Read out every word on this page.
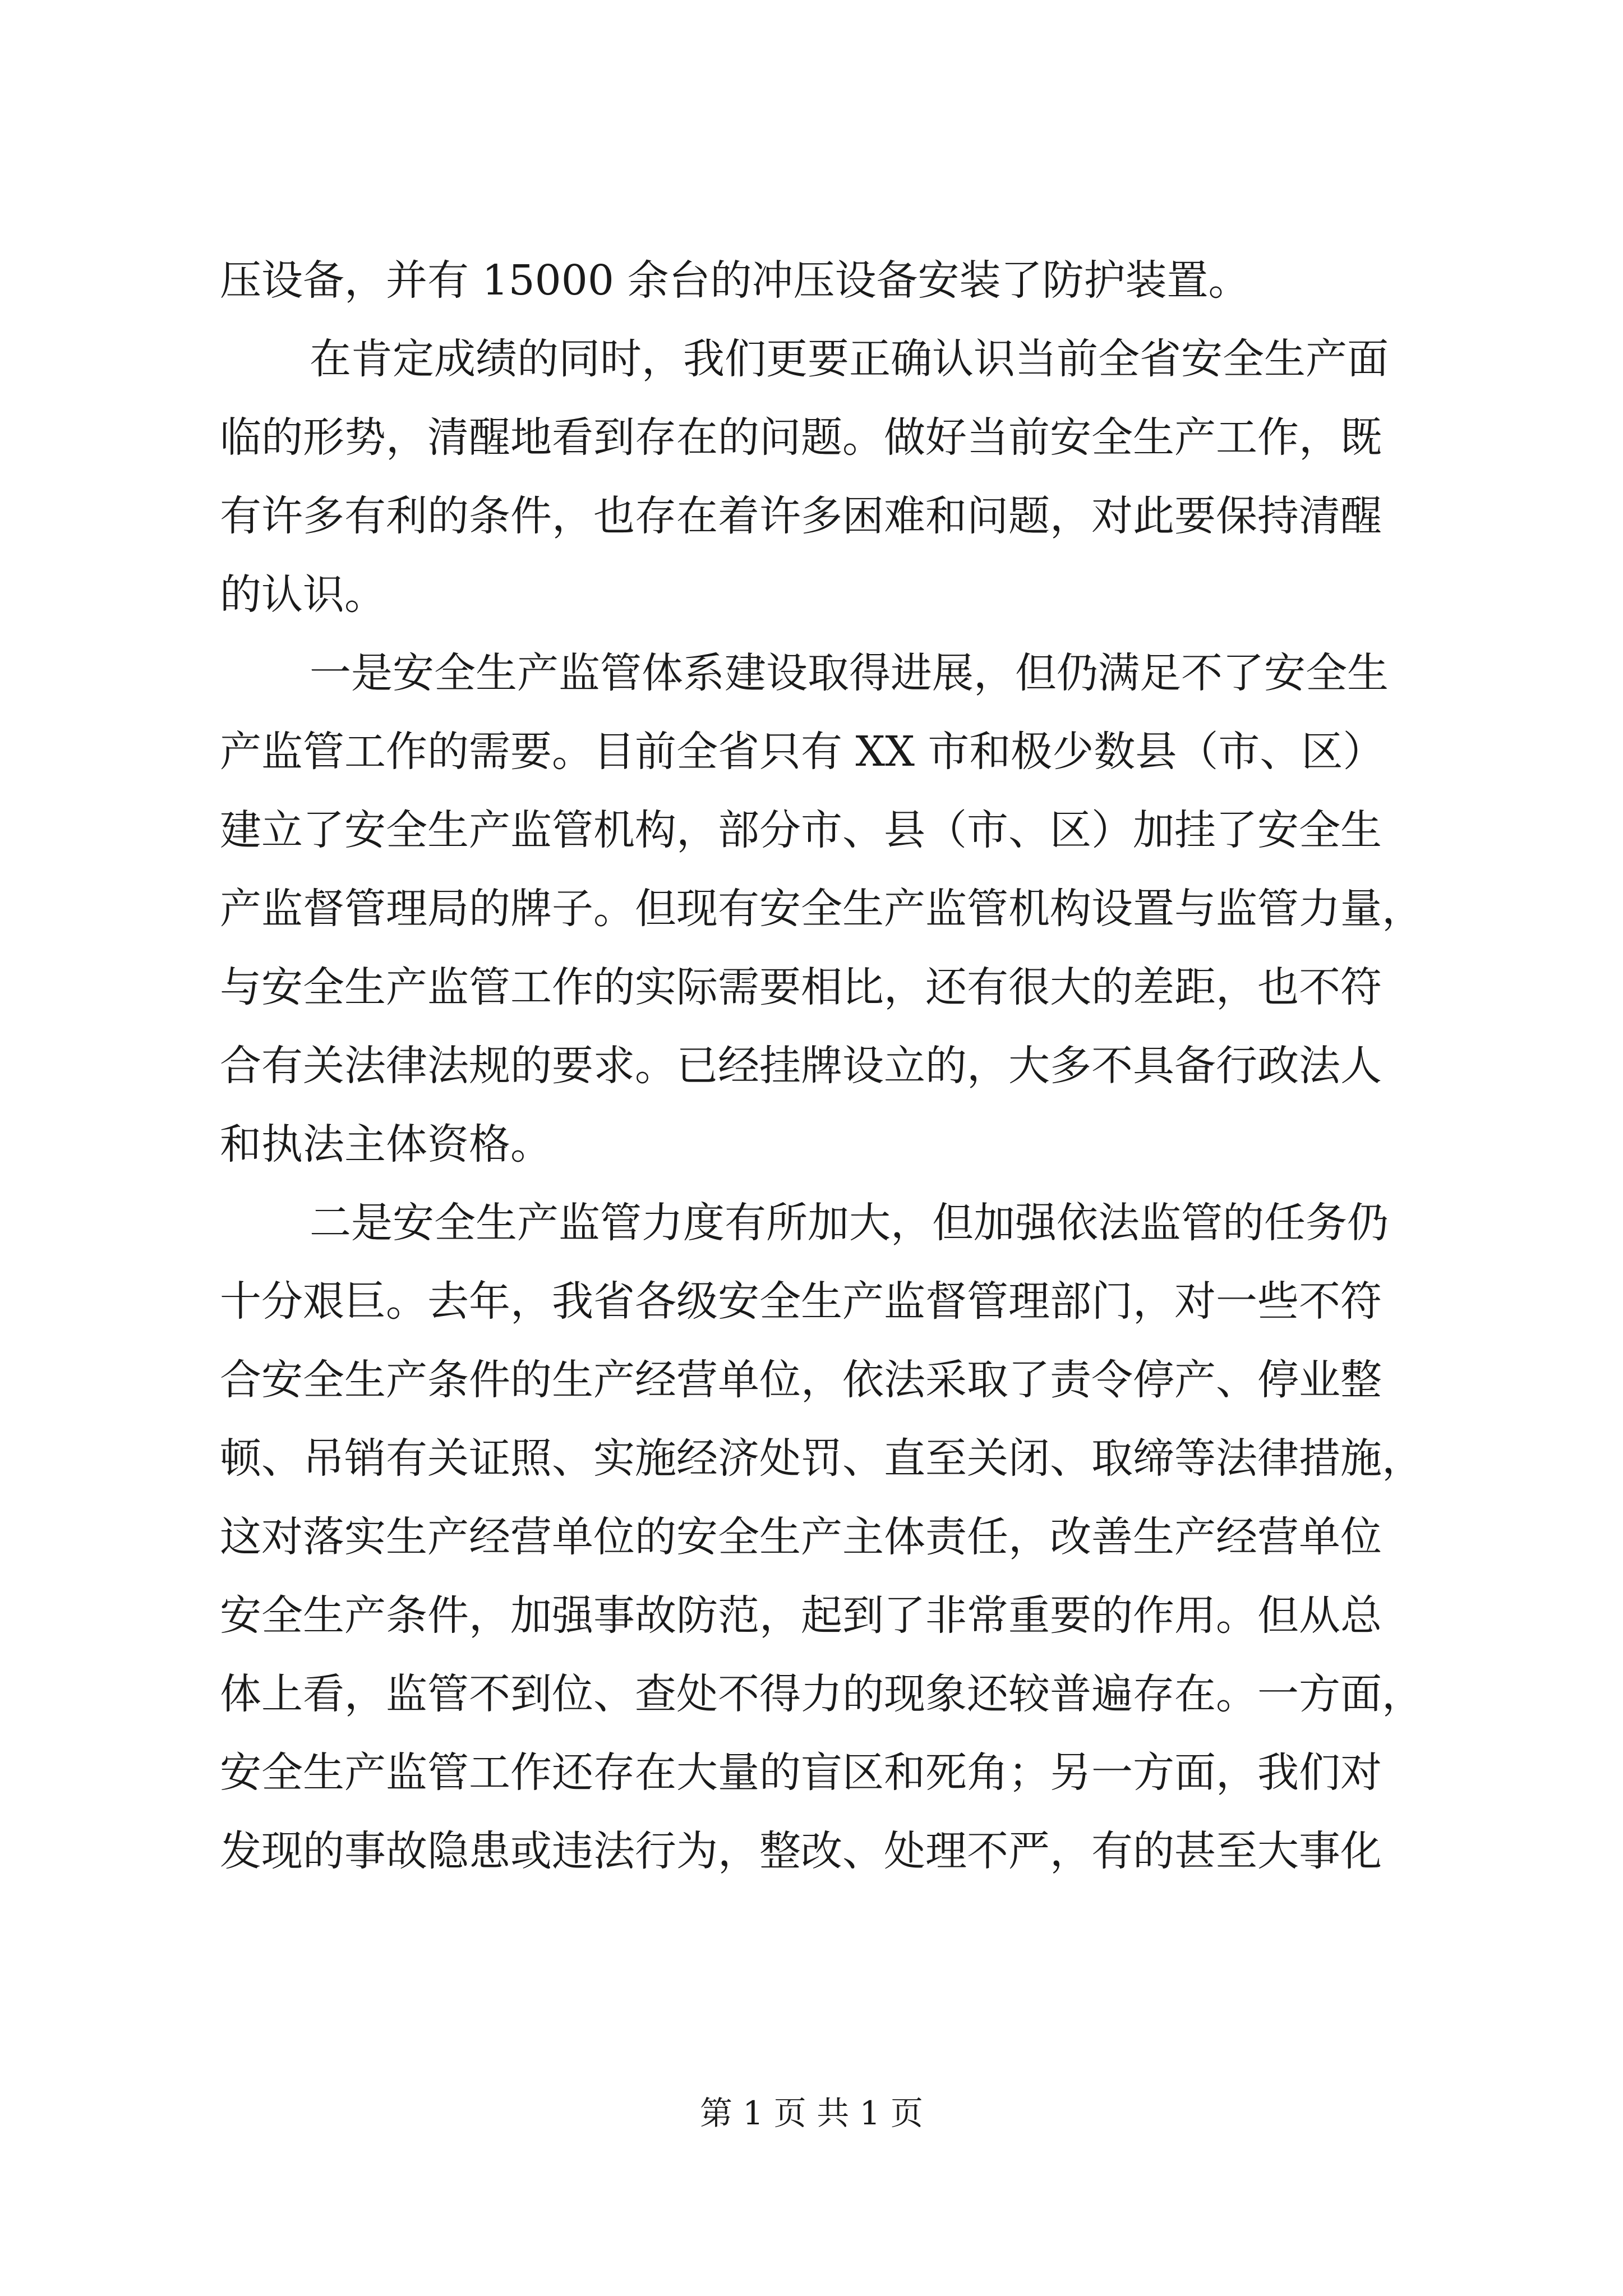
压设备，并有 15000 余台的冲压设备安装了防护装置。
在肯定成绩的同时，我们更要正确认识当前全省安全生产面
临的形势，清醒地看到存在的问题。做好当前安全生产工作，既
有许多有利的条件，也存在着许多困难和问题，对此要保持清醒
的认识。
一是安全生产监管体系建设取得进展，但仍满足不了安全生
产监管工作的需要。目前全省只有 XX 市和极少数县（市、区）
建立了安全生产监管机构，部分市、县（市、区）加挂了安全生
产监督管理局的牌子。但现有安全生产监管机构设置与监管力量，
与安全生产监管工作的实际需要相比，还有很大的差距，也不符
合有关法律法规的要求。已经挂牌设立的，大多不具备行政法人
和执法主体资格。
二是安全生产监管力度有所加大，但加强依法监管的任务仍
十分艰巨。去年，我省各级安全生产监督管理部门，对一些不符
合安全生产条件的生产经营单位，依法采取了责令停产、停业整
顿、吊销有关证照、实施经济处罚、直至关闭、取缔等法律措施，
这对落实生产经营单位的安全生产主体责任，改善生产经营单位
安全生产条件，加强事故防范，起到了非常重要的作用。但从总
体上看，监管不到位、查处不得力的现象还较普遍存在。一方面，
安全生产监管工作还存在大量的盲区和死角；另一方面，我们对
发现的事故隐患或违法行为，整改、处理不严，有的甚至大事化
第 1 页 共 1 页
